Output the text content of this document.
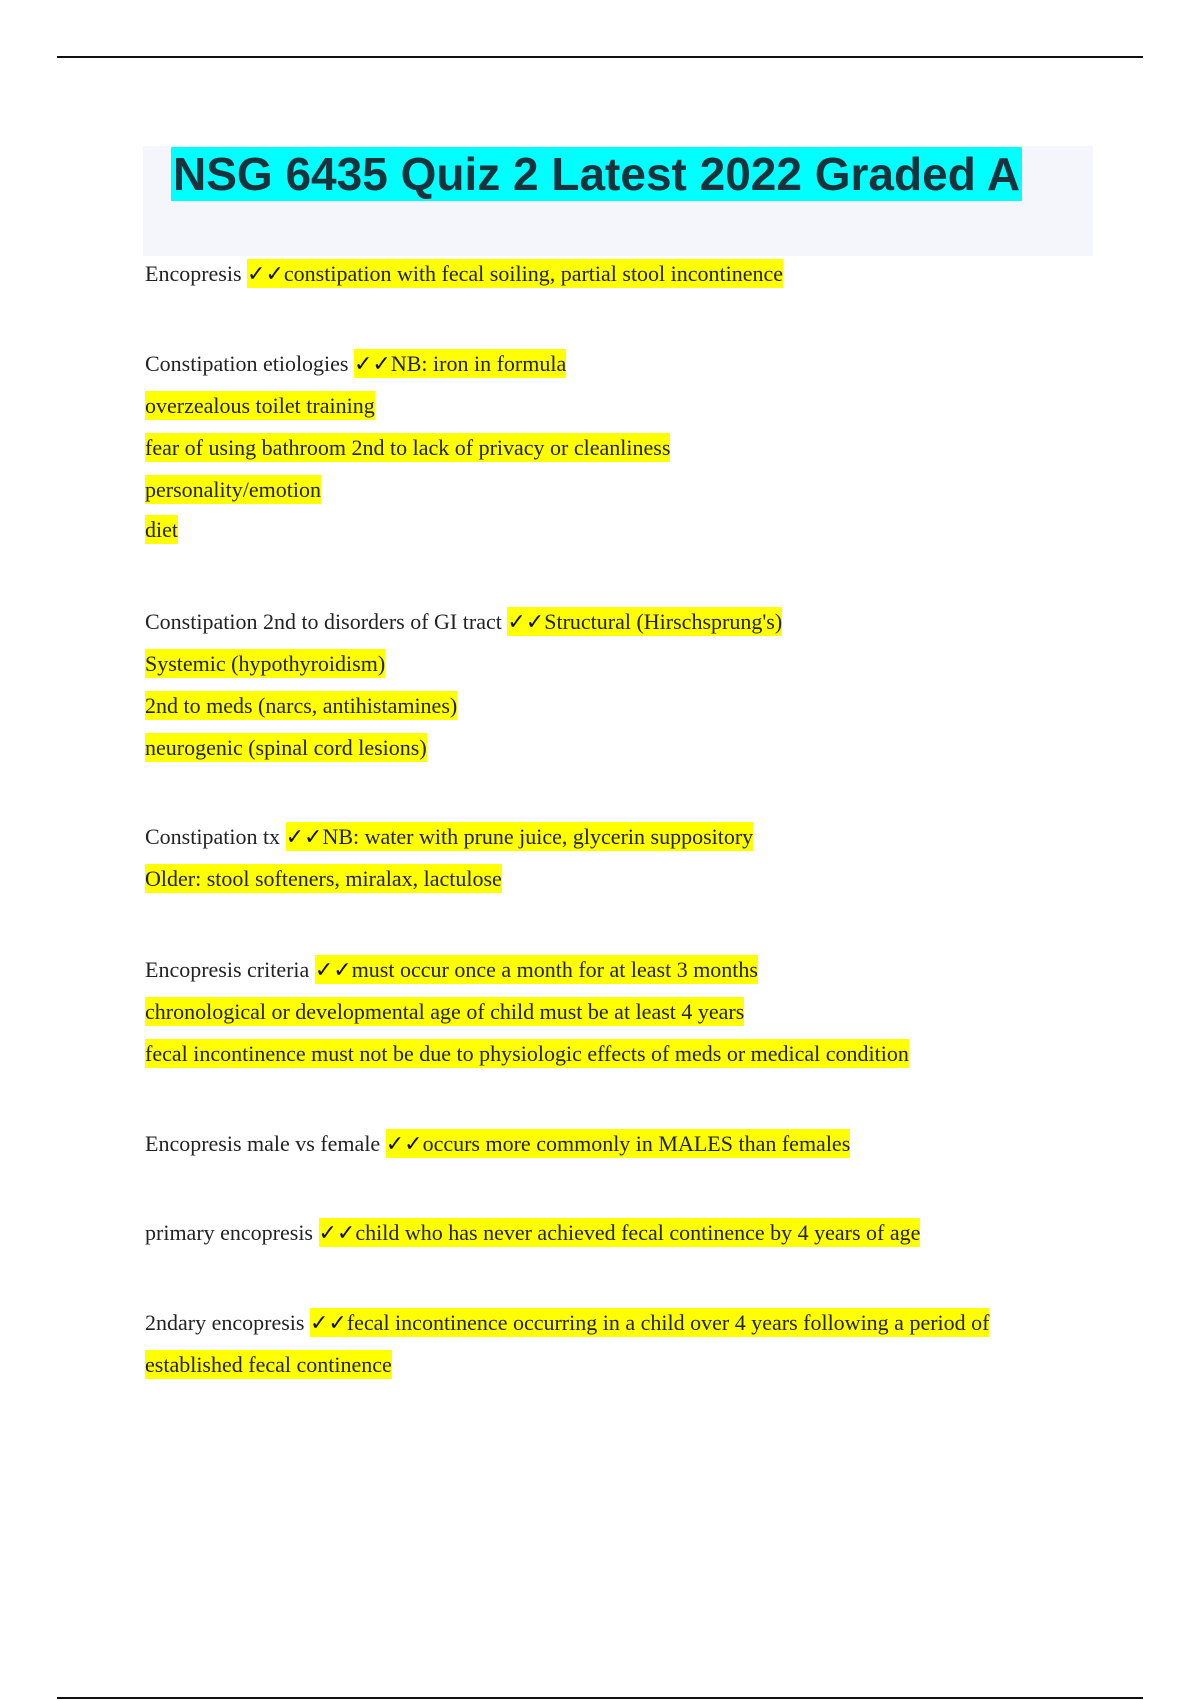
NSG 6435 Quiz 2 Latest 2022 Graded A
Encopresis ✓✓constipation with fecal soiling, partial stool incontinence
Constipation etiologies ✓✓NB: iron in formula
overzealous toilet training
fear of using bathroom 2nd to lack of privacy or cleanliness
personality/emotion
diet
Constipation 2nd to disorders of GI tract ✓✓Structural (Hirschsprung's)
Systemic (hypothyroidism)
2nd to meds (narcs, antihistamines)
neurogenic (spinal cord lesions)
Constipation tx ✓✓NB: water with prune juice, glycerin suppository
Older: stool softeners, miralax, lactulose
Encopresis criteria ✓✓must occur once a month for at least 3 months
chronological or developmental age of child must be at least 4 years
fecal incontinence must not be due to physiologic effects of meds or medical condition
Encopresis male vs female ✓✓occurs more commonly in MALES than females
primary encopresis ✓✓child who has never achieved fecal continence by 4 years of age
2ndary encopresis ✓✓fecal incontinence occurring in a child over 4 years following a period of
established fecal continence
